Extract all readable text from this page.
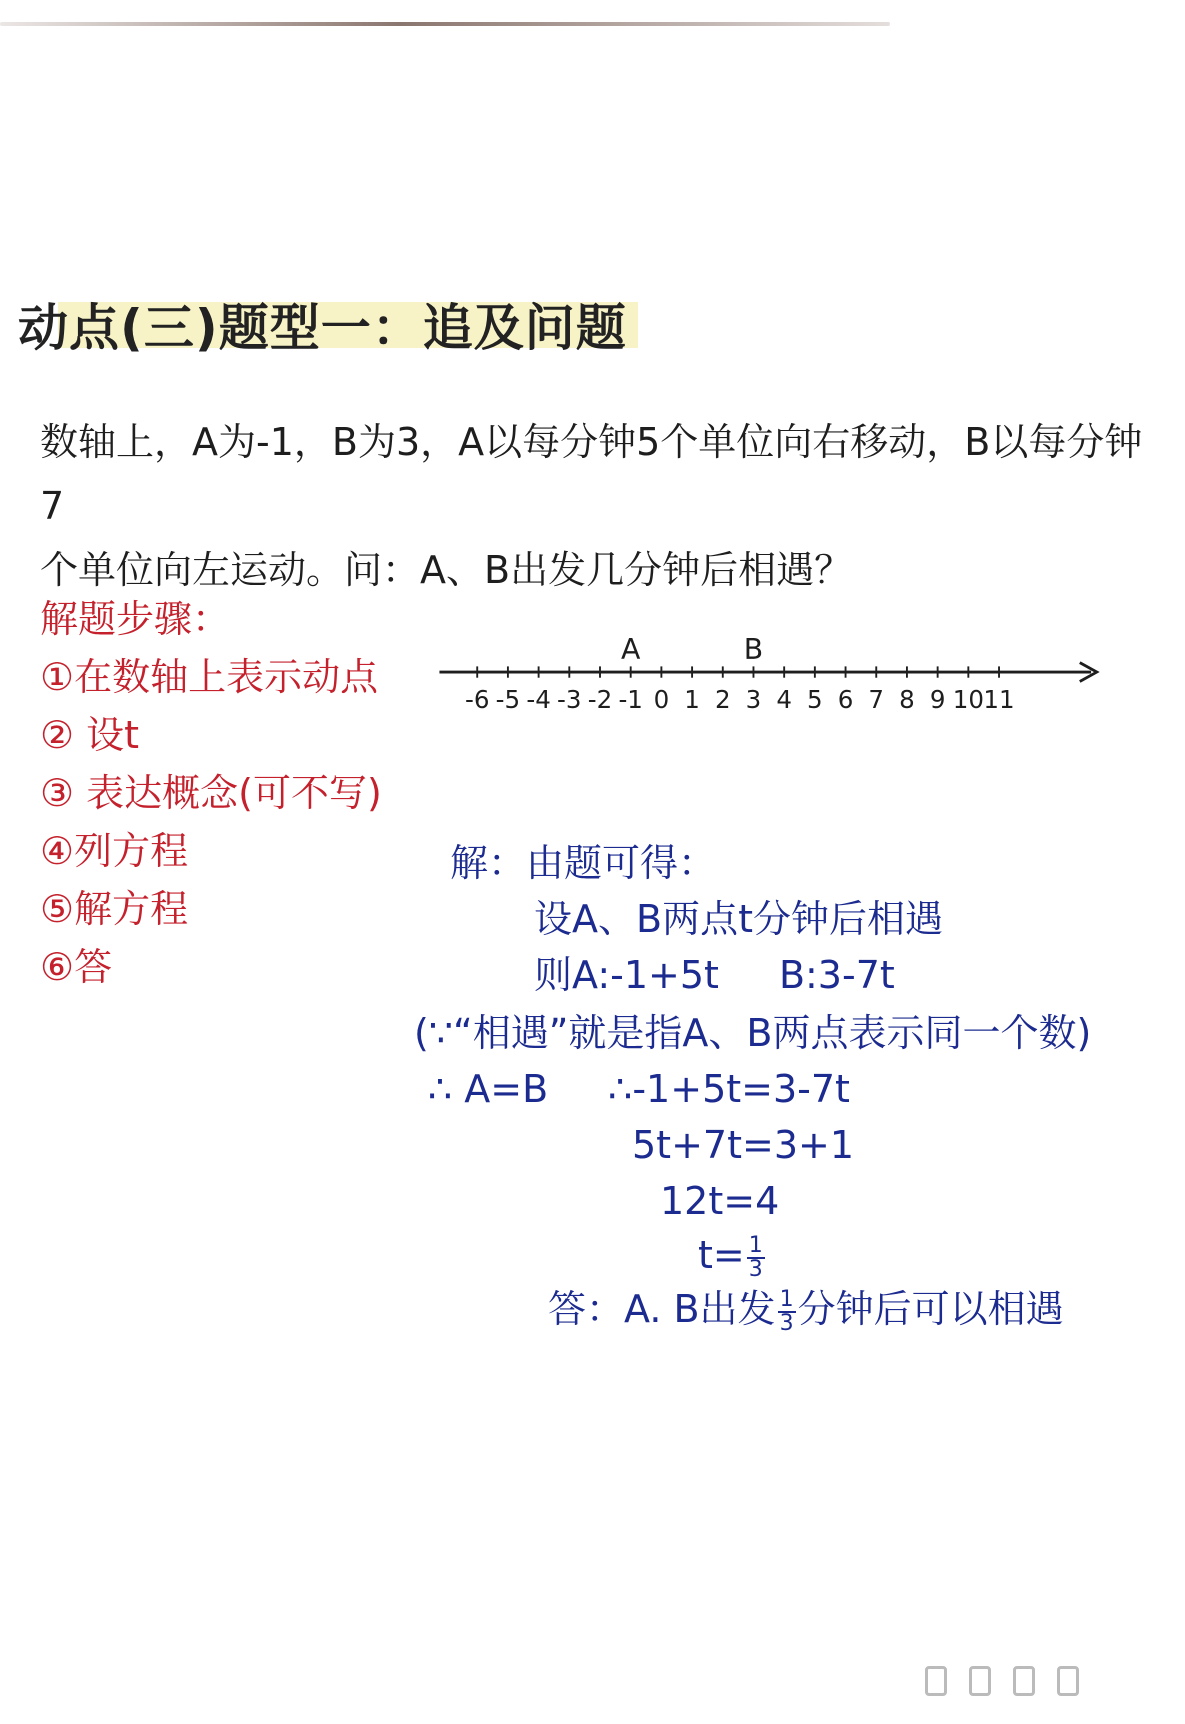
动点(三)题型一：追及问题
数轴上，A为-1，B为3，A以每分钟5个单位向右移动，B以每分钟7
个单位向左运动。问：A、B出发几分钟后相遇？
解题步骤：
①在数轴上表示动点
② 设t
③ 表达概念(可不写)
④列方程
⑤解方程
⑥答
-6 -5 -4 -3 -2 -1 0 1 2 3 4 5 6 7 8 9 10 11
A	B
解：由题可得：
设A、B两点t分钟后相遇
则A:-1+5t B:3-7t
(∵“相遇”就是指A、B两点表示同一个数)
∴ A=B ∴-1+5t=3-7t
5t+7t=3+1
12t=4
$t= \frac{1}{3}$
答：A. B出发 $\frac{1}{3}$ 分钟后可以相遇
